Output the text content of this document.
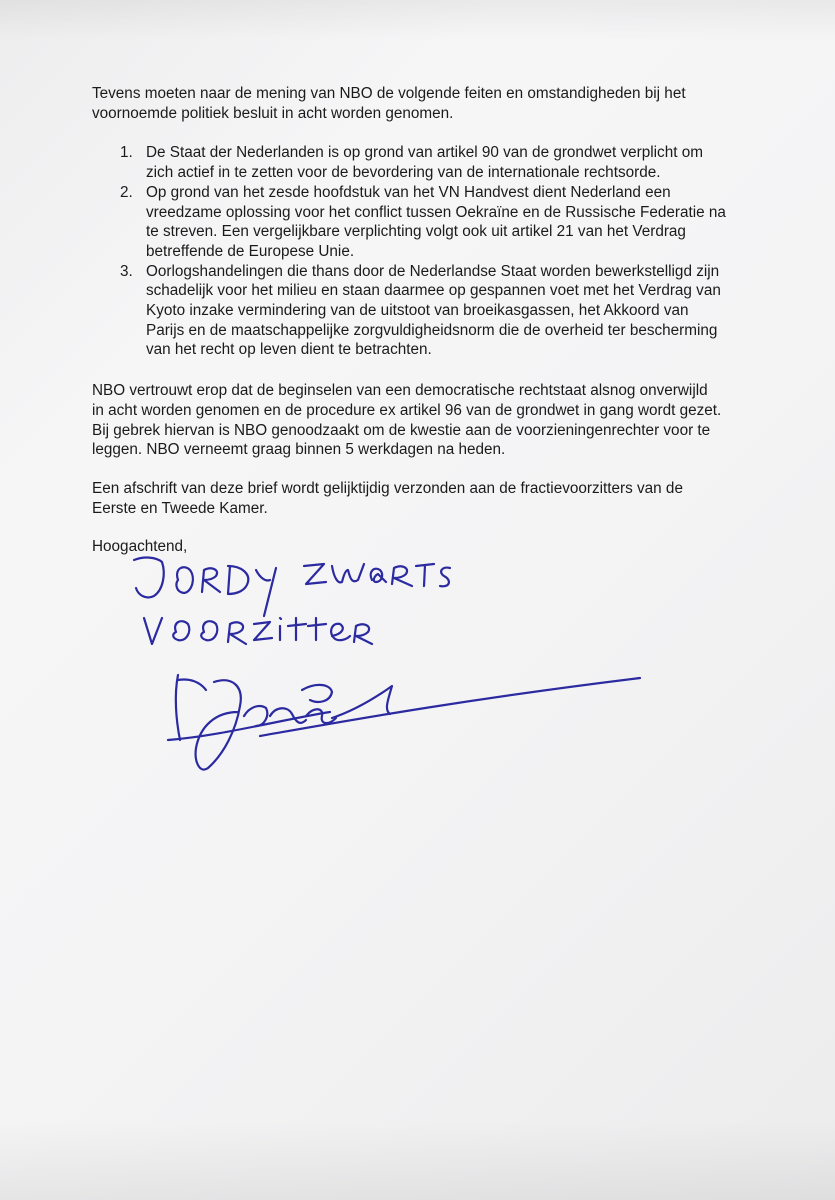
Tevens moeten naar de mening van NBO de volgende feiten en omstandigheden bij het voornoemde politiek besluit in acht worden genomen.

1. De Staat der Nederlanden is op grond van artikel 90 van de grondwet verplicht om
zich actief in te zetten voor de bevordering van de internationale rechtsorde.
2. Op grond van het zesde hoofdstuk van het VN Handvest dient Nederland een
vreedzame oplossing voor het conflict tussen Oekraïne en de Russische Federatie na
te streven. Een vergelijkbare verplichting volgt ook uit artikel 21 van het Verdrag
betreffende de Europese Unie.
3. Oorlogshandelingen die thans door de Nederlandse Staat worden bewerkstelligd zijn
schadelijk voor het milieu en staan daarmee op gespannen voet met het Verdrag van
Kyoto inzake vermindering van de uitstoot van broeikasgassen, het Akkoord van
Parijs en de maatschappelijke zorgvuldigheidsnorm die de overheid ter bescherming
van het recht op leven dient te betrachten.

NBO vertrouwt erop dat de beginselen van een democratische rechtstaat alsnog onverwijld

in acht worden genomen en de procedure ex artikel 96 van de grondwet in gang wordt gezet.

Bij gebrek hiervan is NBO genoodzaakt om de kwestie aan de voorzieningenrechter voor te

leggen. NBO verneemt graag binnen 5 werkdagen na heden.

Een afschrift van deze brief wordt gelijktijdig verzonden aan de fractievoorzitters van de

Eerste en Tweede Kamer.

Hoogachtend,
